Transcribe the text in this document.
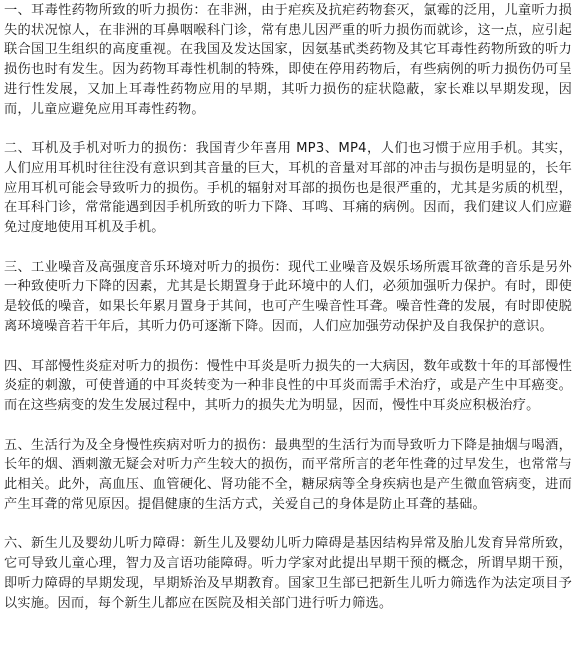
一、耳毒性药物所致的听力损伤：在非洲，由于疟疾及抗疟药物套灭，氯霉的泛用，儿童听力损失的状况惊人，在非洲的耳鼻咽喉科门诊，常有患儿因严重的听力损伤而就诊，这一点，应引起联合国卫生组织的高度重视。在我国及发达国家，因氨基甙类药物及其它耳毒性药物所致的听力损伤也时有发生。因为药物耳毒性机制的特殊，即使在停用药物后，有些病例的听力损伤仍可呈进行性发展，又加上耳毒性药物应用的早期，其听力损伤的症状隐蔽，家长难以早期发现，因而，儿童应避免应用耳毒性药物。

二、耳机及手机对听力的损伤：我国青少年喜用 MP3、MP4，人们也习惯于应用手机。其实，人们应用耳机时往往没有意识到其音量的巨大，耳机的音量对耳部的冲击与损伤是明显的，长年应用耳机可能会导致听力的损伤。手机的辐射对耳部的损伤也是很严重的，尤其是劣质的机型，在耳科门诊，常常能遇到因手机所致的听力下降、耳鸣、耳痛的病例。因而，我们建议人们应避免过度地使用耳机及手机。

三、工业噪音及高强度音乐环境对听力的损伤：现代工业噪音及娱乐场所震耳欲聋的音乐是另外一种致使听力下降的因素，尤其是长期置身于此环境中的人们，必须加强听力保护。有时，即使是较低的噪音，如果长年累月置身于其间，也可产生噪音性耳聋。噪音性聋的发展，有时即使脱离环境噪音若干年后，其听力仍可逐渐下降。因而，人们应加强劳动保护及自我保护的意识。

四、耳部慢性炎症对听力的损伤：慢性中耳炎是听力损失的一大病因，数年或数十年的耳部慢性炎症的刺激，可使普通的中耳炎转变为一种非良性的中耳炎而需手术治疗，或是产生中耳癌变。而在这些病变的发生发展过程中，其听力的损失尤为明显，因而，慢性中耳炎应积极治疗。

五、生活行为及全身慢性疾病对听力的损伤：最典型的生活行为而导致听力下降是抽烟与喝酒，长年的烟、酒刺激无疑会对听力产生较大的损伤，而平常所言的老年性聋的过早发生，也常常与此相关。此外，高血压、血管硬化、肾功能不全，糖尿病等全身疾病也是产生微血管病变，进而产生耳聋的常见原因。提倡健康的生活方式，关爱自己的身体是防止耳聋的基础。

六、新生儿及婴幼儿听力障碍：新生儿及婴幼儿听力障碍是基因结构异常及胎儿发育异常所致，它可导致儿童心理，智力及言语功能障碍。听力学家对此提出早期干预的概念，所谓早期干预，即听力障碍的早期发现，早期矫治及早期教育。国家卫生部已把新生儿听力筛选作为法定项目予以实施。因而，每个新生儿都应在医院及相关部门进行听力筛选。
